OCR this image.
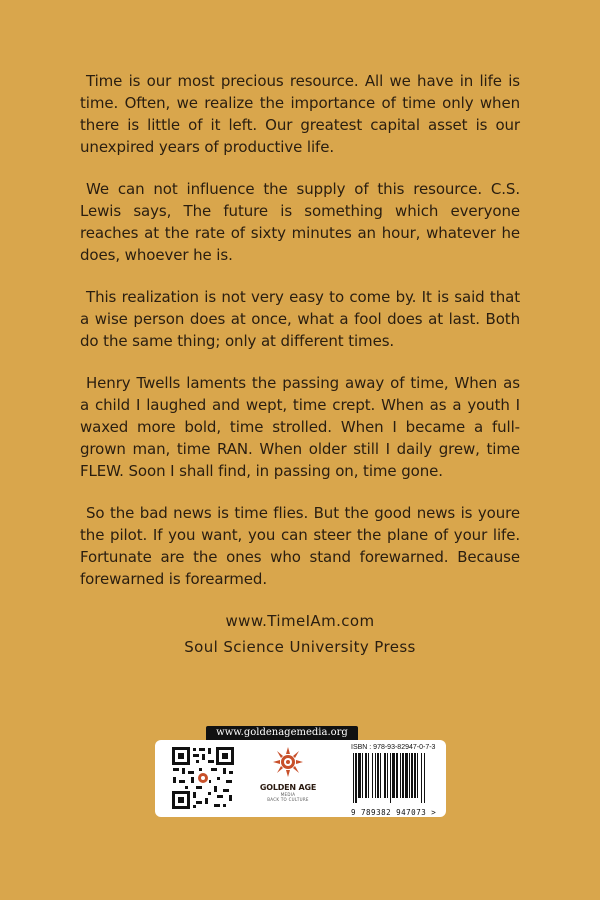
Time is our most precious resource. All we have in life is time. Often, we realize the importance of time only when there is little of it left. Our greatest capital asset is our unexpired years of productive life.

We can not influence the supply of this resource. C.S. Lewis says, The future is something which everyone reaches at the rate of sixty minutes an hour, whatever he does, whoever he is.

This realization is not very easy to come by. It is said that a wise person does at once, what a fool does at last. Both do the same thing; only at different times.

Henry Twells laments the passing away of time, When as a child I laughed and wept, time crept. When as a youth I waxed more bold, time strolled. When I became a full-grown man, time RAN. When older still I daily grew, time FLEW. Soon I shall find, in passing on, time gone.

So the bad news is time flies. But the good news is youre the pilot. If you want, you can steer the plane of your life. Fortunate are the ones who stand forewarned. Because forewarned is forearmed.

www.TimeIAm.com
Soul Science University Press
www.goldenagemedia.org
GOLDEN AGE
MEDIA
BACK TO CULTURE
ISBN : 978-93-82947-0-7-3
9 789382 947073 >
